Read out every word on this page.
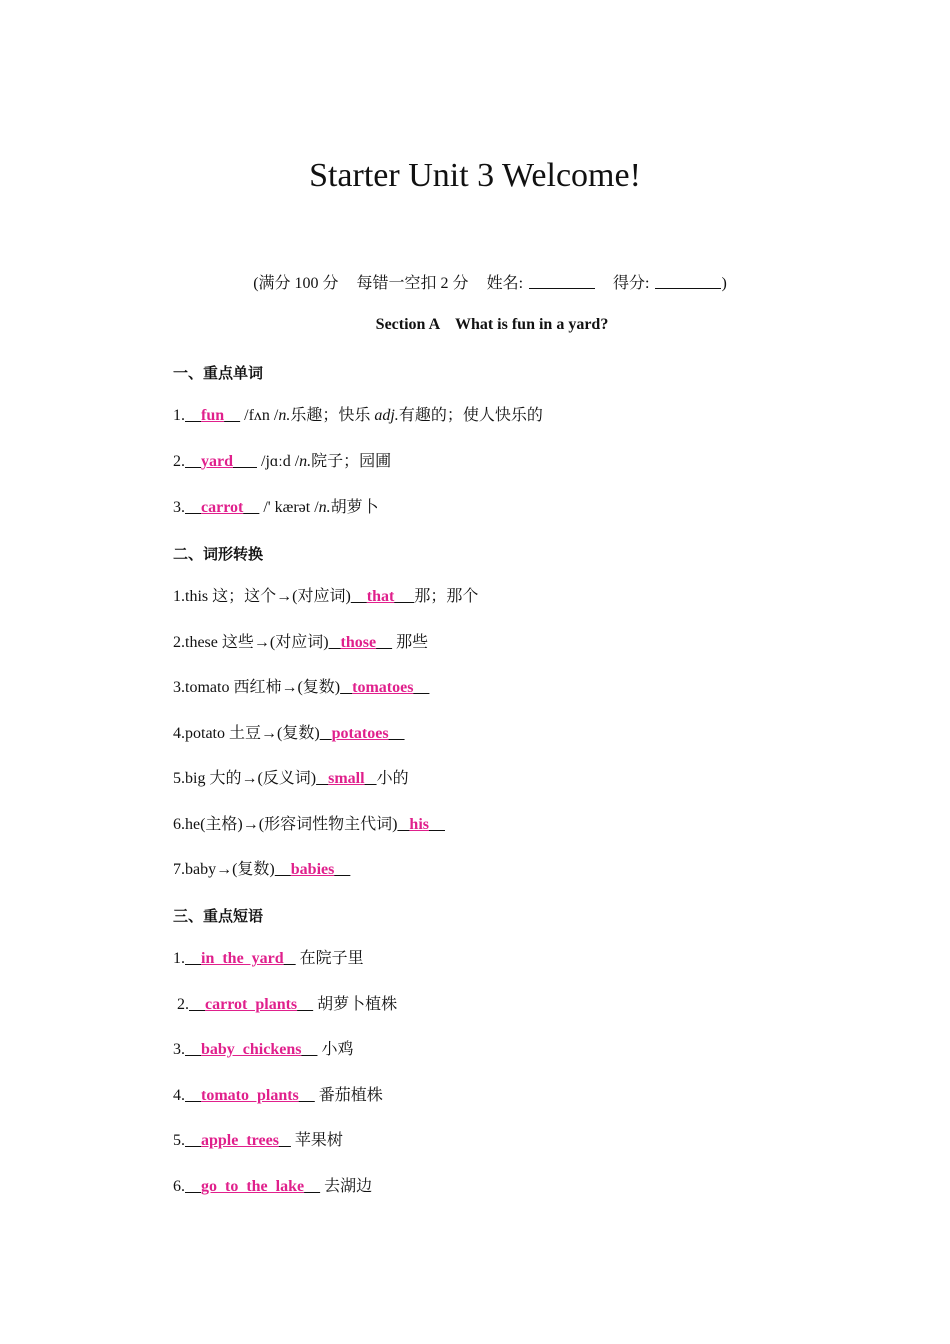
Starter Unit 3 Welcome!
(满分 100 分 每错一空扣 2 分 姓名:	得分:	)
Section A    What is fun in a yard?
一、重点单词
1. fun     /fʌn /n.乐趣；快乐 adj.有趣的；使人快乐的
2. yard       /jɑːd /n.院子；园圃
3. carrot     /' kærət /n.胡萝卜
二、词形转换
1.this 这；这个→(对应词) that 那；那个
2.these 这些→(对应词) those     那些
3.tomato 西红柿→(复数) tomatoes
4.potato 土豆→(复数) potatoes
5.big 大的→(反义词) small 小的
6.he(主格)→(形容词性物主代词) his
7.baby→(复数) babies
三、重点短语
1. in  the  yard    在院子里
2. carrot  plants     胡萝卜植株
3. baby  chickens     小鸡
4. tomato  plants     番茄植株
5. apple  trees    苹果树
6. go  to  the  lake     去湖边
